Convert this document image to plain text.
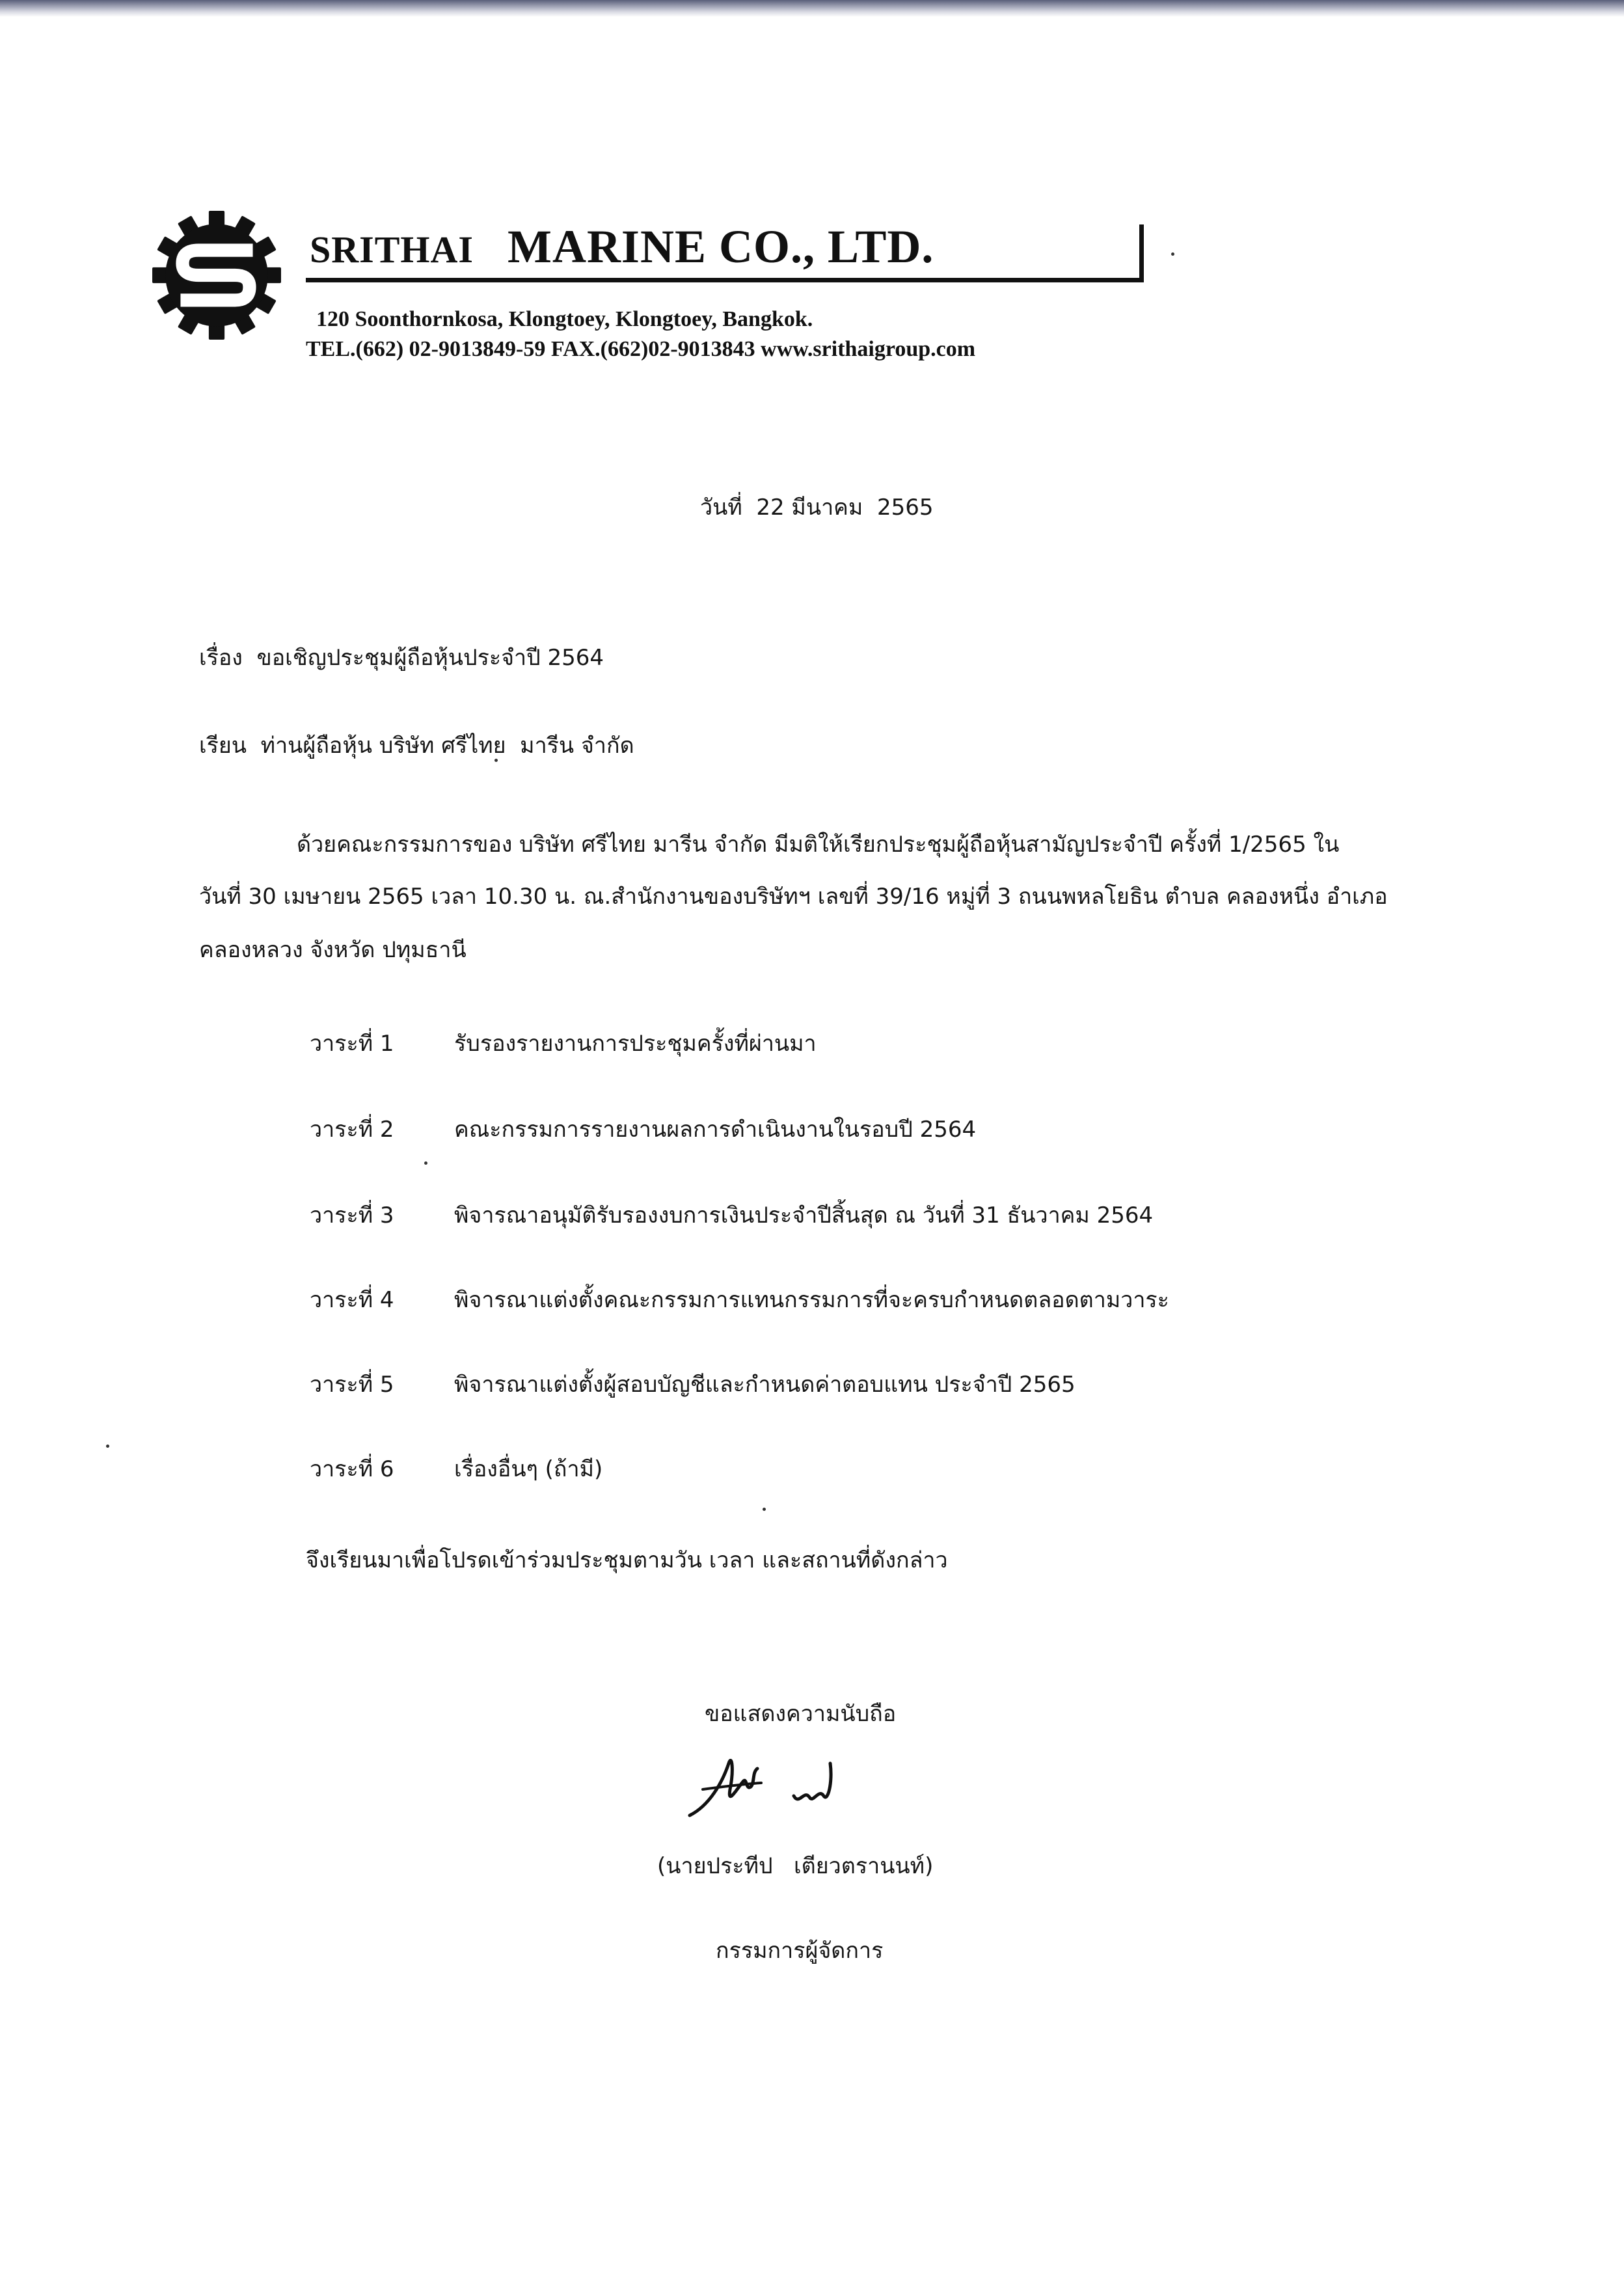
SRITHAI MARINE CO., LTD.
120 Soonthornkosa, Klongtoey, Klongtoey, Bangkok.
TEL.(662) 02-9013849-59 FAX.(662)02-9013843 www.srithaigroup.com
วันที่  22 มีนาคม  2565
เรื่อง  ขอเชิญประชุมผู้ถือหุ้นประจำปี 2564
เรียน  ท่านผู้ถือหุ้น บริษัท ศรีไทย  มารีน จำกัด
ด้วยคณะกรรมการของ บริษัท ศรีไทย มารีน จำกัด มีมติให้เรียกประชุมผู้ถือหุ้นสามัญประจำปี ครั้งที่ 1/2565 ใน
วันที่ 30 เมษายน 2565 เวลา 10.30 น. ณ.สำนักงานของบริษัทฯ เลขที่ 39/16 หมู่ที่ 3 ถนนพหลโยธิน ตำบล คลองหนึ่ง อำเภอ
คลองหลวง จังหวัด ปทุมธานี
วาระที่ 1	รับรองรายงานการประชุมครั้งที่ผ่านมา
วาระที่ 2	คณะกรรมการรายงานผลการดำเนินงานในรอบปี 2564
วาระที่ 3	พิจารณาอนุมัติรับรองงบการเงินประจำปีสิ้นสุด ณ วันที่ 31 ธันวาคม 2564
วาระที่ 4	พิจารณาแต่งตั้งคณะกรรมการแทนกรรมการที่จะครบกำหนดตลอดตามวาระ
วาระที่ 5	พิจารณาแต่งตั้งผู้สอบบัญชีและกำหนดค่าตอบแทน ประจำปี 2565
วาระที่ 6	เรื่องอื่นๆ (ถ้ามี)
จึงเรียนมาเพื่อโปรดเข้าร่วมประชุมตามวัน เวลา และสถานที่ดังกล่าว
ขอแสดงความนับถือ
(นายประทีป   เตียวตรานนท์)
กรรมการผู้จัดการ
